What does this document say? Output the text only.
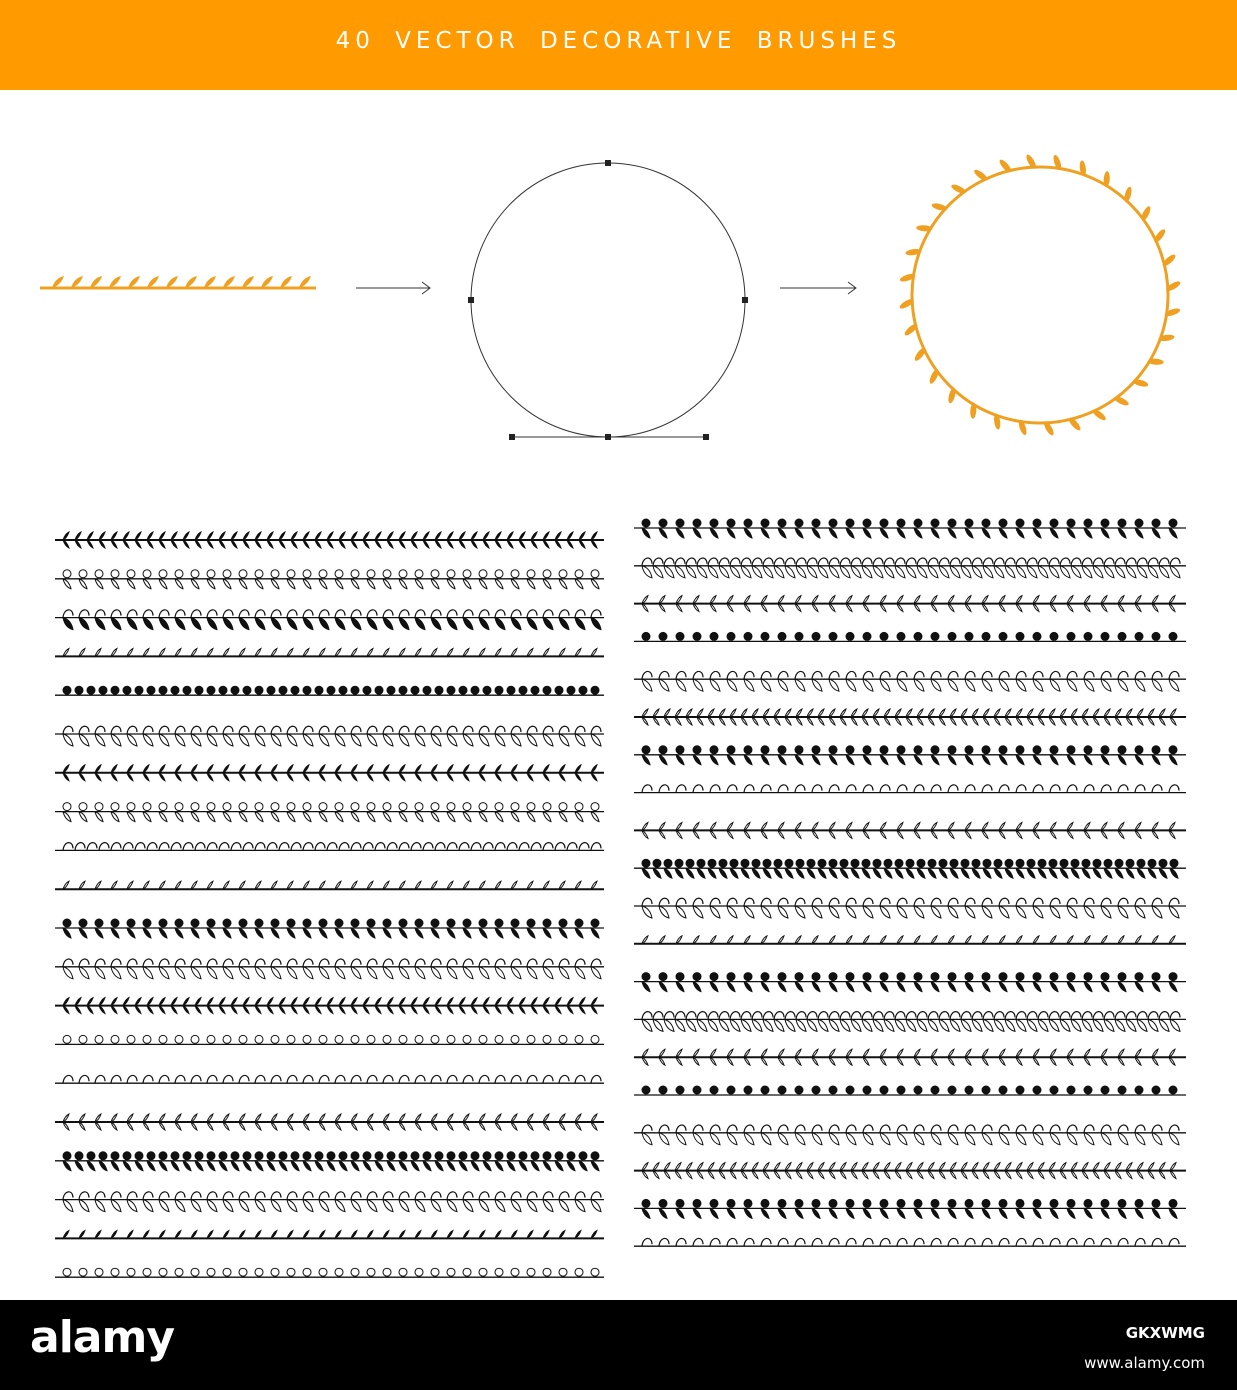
40 VECTOR DECORATIVE BRUSHES
alamy	GKXWMG
www.alamy.com
